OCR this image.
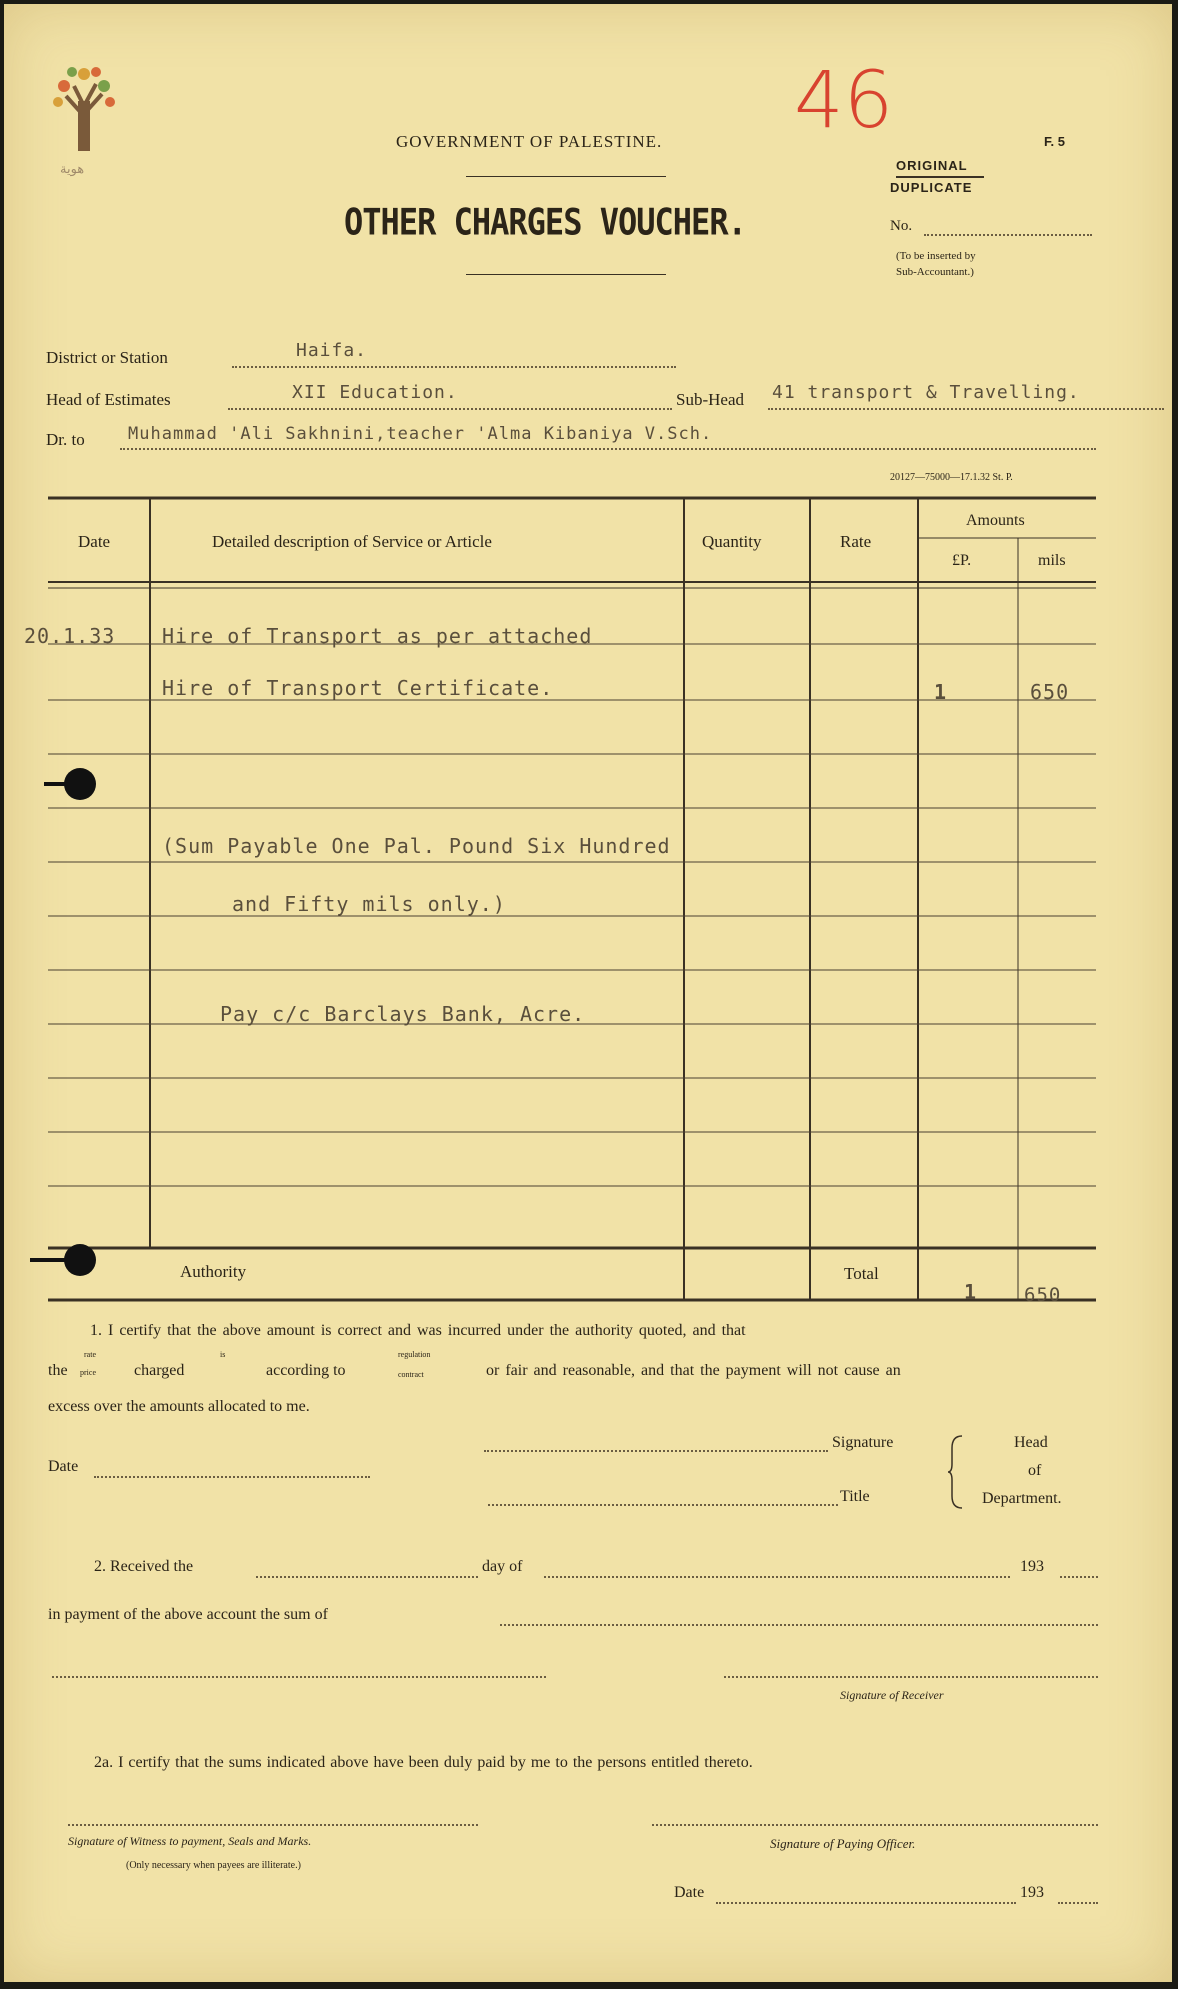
هوية
GOVERNMENT OF PALESTINE.
OTHER CHARGES VOUCHER.
46	F. 5
ORIGINAL
DUPLICATE
No.
(To be inserted by
Sub-Accountant.)
District or Station	Haifa.
Head of Estimates	XII Education.	Sub-Head 41 transport & Travelling.
Dr. to	Muhammad 'Ali Sakhnini,teacher 'Alma Kibaniya V.Sch.
20127—75000—17.1.32 St. P.
Date	Detailed description of Service or Article	Quantity	Rate
Amounts
£P.	mils
20.1.33 Hire of Transport as per attached
Hire of Transport Certificate.	1	650
(Sum Payable One Pal. Pound Six Hundred
and Fifty mils only.)
Pay c/c Barclays Bank, Acre.
Authority	Total
1 650
1. I certify that the above amount is correct and was incurred under the authority quoted, and that
the
rate
price charged
is
according to
regulation
contract	or fair and reasonable, and that the payment will not cause an
excess over the amounts allocated to me.
Date
Signature
Title
Head
of
Department.
2. Received the	day of	193
in payment of the above account the sum of
Signature of Receiver
2a. I certify that the sums indicated above have been duly paid by me to the persons entitled thereto.
Signature of Witness to payment, Seals and Marks.
(Only necessary when payees are illiterate.)
Signature of Paying Officer.
Date	193
